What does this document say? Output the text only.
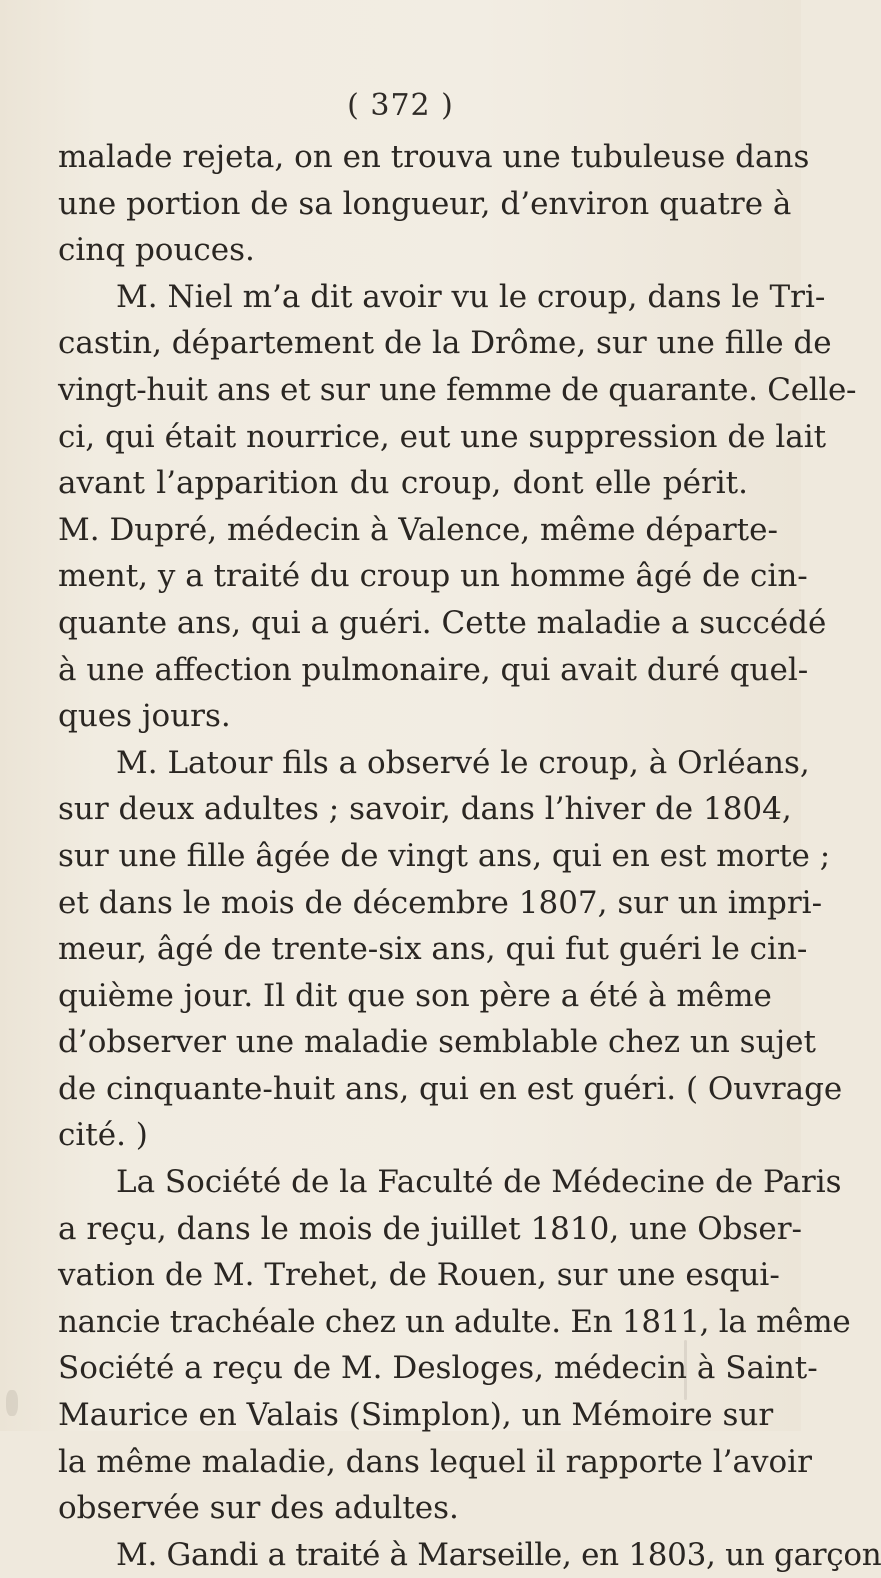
( 372 )
malade rejeta, on en trouva une tubuleuse dans
une portion de sa longueur, d’environ quatre à
cinq pouces.
M. Niel m’a dit avoir vu le croup, dans le Tri-
castin, département de la Drôme, sur une fille de
vingt-huit ans et sur une femme de quarante. Celle-
ci, qui était nourrice, eut une suppression de lait
avant l’apparition du croup, dont elle périt.
M. Dupré, médecin à Valence, même départe-
ment, y a traité du croup un homme âgé de cin-
quante ans, qui a guéri. Cette maladie a succédé
à une affection pulmonaire, qui avait duré quel-
ques jours.
M. Latour fils a observé le croup, à Orléans,
sur deux adultes ; savoir, dans l’hiver de 1804,
sur une fille âgée de vingt ans, qui en est morte ;
et dans le mois de décembre 1807, sur un impri-
meur, âgé de trente-six ans, qui fut guéri le cin-
quième jour. Il dit que son père a été à même
d’observer une maladie semblable chez un sujet
de cinquante-huit ans, qui en est guéri. ( Ouvrage
cité. )
La Société de la Faculté de Médecine de Paris
a reçu, dans le mois de juillet 1810, une Obser-
vation de M. Trehet, de Rouen, sur une esqui-
nancie trachéale chez un adulte. En 1811, la même
Société a reçu de M. Desloges, médecin à Saint-
Maurice en Valais (Simplon), un Mémoire sur
la même maladie, dans lequel il rapporte l’avoir
observée sur des adultes.
M. Gandi a traité à Marseille, en 1803, un garçon
